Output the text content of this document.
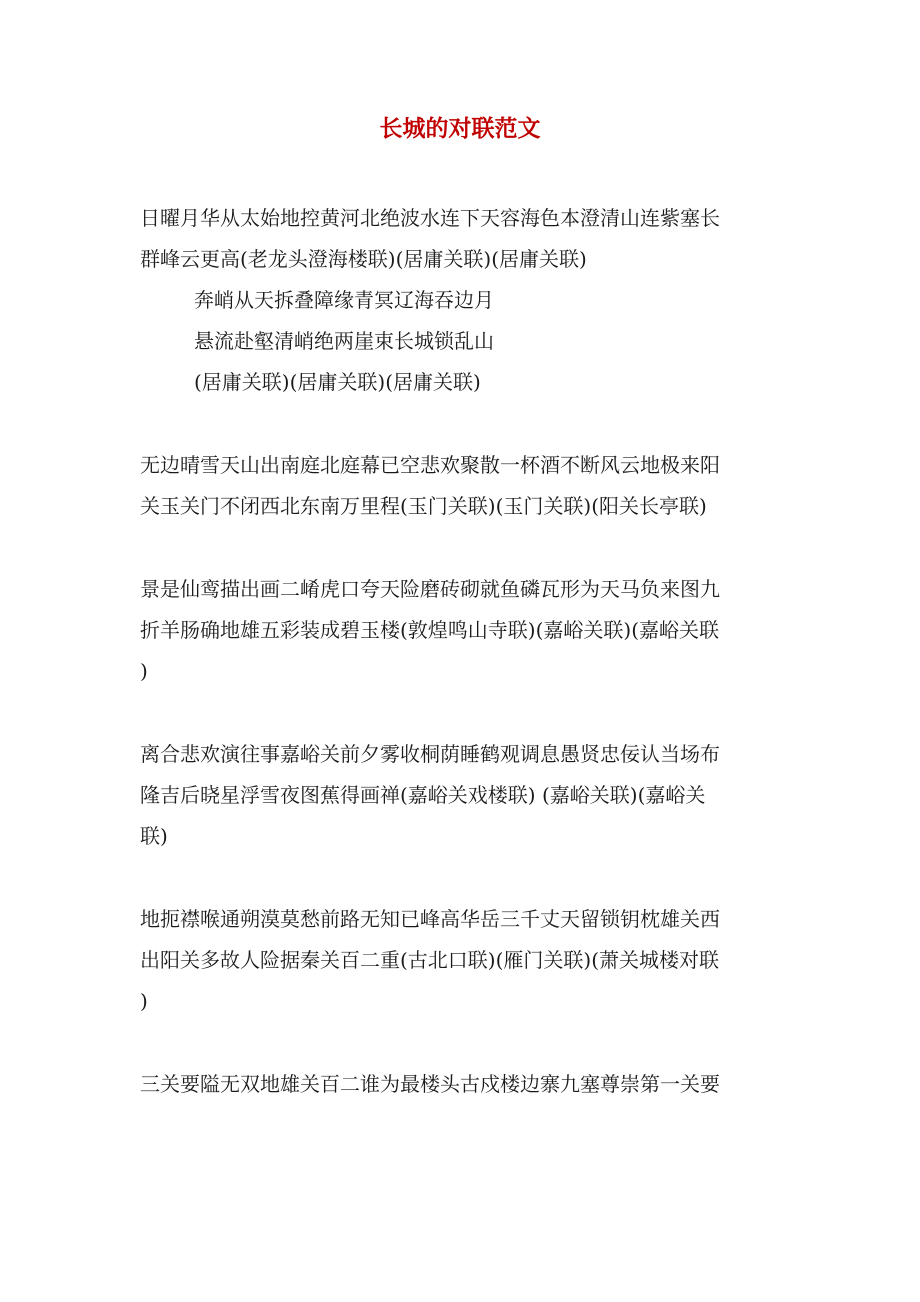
长城的对联范文
日曜月华从太始地控黄河北绝波水连下天容海色本澄清山连紫塞长
群峰云更高(老龙头澄海楼联)(居庸关联)(居庸关联)
奔峭从天拆叠障缘青冥辽海吞边月
悬流赴壑清峭绝两崖束长城锁乱山
(居庸关联)(居庸关联)(居庸关联)
无边晴雪天山出南庭北庭幕已空悲欢聚散一杯酒不断风云地极来阳
关玉关门不闭西北东南万里程(玉门关联)(玉门关联)(阳关长亭联)
景是仙鸾描出画二崤虎口夸天险磨砖砌就鱼磷瓦形为天马负来图九
折羊肠确地雄五彩装成碧玉楼(敦煌鸣山寺联)(嘉峪关联)(嘉峪关联
)
离合悲欢演往事嘉峪关前夕雾收桐荫睡鹤观调息愚贤忠佞认当场布
隆吉后晓星浮雪夜图蕉得画禅(嘉峪关戏楼联) (嘉峪关联)(嘉峪关
联)
地扼襟喉通朔漠莫愁前路无知已峰高华岳三千丈天留锁钥枕雄关西
出阳关多故人险据秦关百二重(古北口联)(雁门关联)(萧关城楼对联
)
三关要隘无双地雄关百二谁为最楼头古戍楼边寨九塞尊崇第一关要
